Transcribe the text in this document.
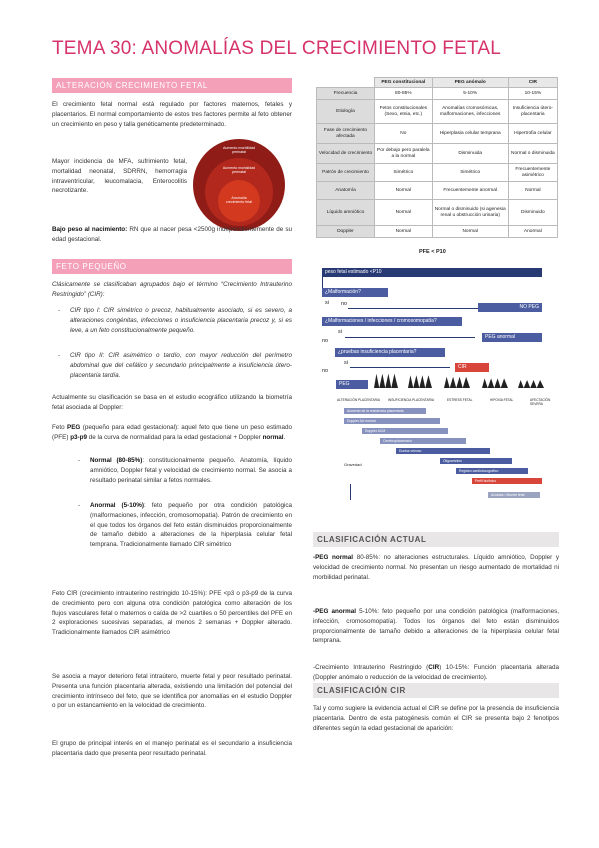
TEMA 30: ANOMALÍAS DEL CRECIMIENTO FETAL
ALTERACIÓN CRECIMIENTO FETAL
El crecimiento fetal normal está regulado por factores maternos, fetales y placentarios. El normal comportamiento de estos tres factores permite al feto obtener un crecimiento en peso y talla genéticamente predeterminado.
Mayor incidencia de MFA, sufrimiento fetal, mortalidad neonatal, SDRRN, hemorragia intraventricular, leucomalacia, Enterocolitis necrotizante.
Aumento morbilidad perinatal
Aumento mortalidad perinatal
Anomalía crecimiento fetal
Bajo peso al nacimiento: RN que al nacer pesa <2500g independientemente de su edad gestacional.
FETO PEQUEÑO
Clásicamente se clasificaban agrupados bajo el término “Crecimiento Intrauterino Restringido” (CIR):
- CIR tipo I: CIR simétrico o precoz, habitualmente asociado, si es severo, a alteraciones congénitas, infecciones o insuficiencia placentaria precoz y, si es leve, a un feto constitucionalmente pequeño.
- CIR tipo II: CIR asimétrico o tardío, con mayor reducción del perímetro abdominal que del cefálico y secundario principalmente a insuficiencia útero-placentaria tardía.
Actualmente su clasificación se basa en el estudio ecográfico utilizando la biometría fetal asociada al Doppler:
Feto PEG (pequeño para edad gestacional): aquel feto que tiene un peso estimado (PFE) p3-p9 de la curva de normalidad para la edad gestacional + Doppler normal.
- Normal (80-85%): constitucionalmente pequeño. Anatomía, líquido amniótico, Doppler fetal y velocidad de crecimiento normal. Se asocia a resultado perinatal similar a fetos normales.
- Anormal (5-10%): feto pequeño por otra condición patológica (malformaciones, infección, cromosomopatía). Patrón de crecimiento en el que todos los órganos del feto están disminuidos proporcionalmente de tamaño debido a alteraciones de la hiperplasia celular fetal temprana. Tradicionalmente llamado CIR simétrico
Feto CIR (crecimiento intrauterino restringido 10-15%): PFE <p3 o p3-p9 de la curva de crecimiento pero con alguna otra condición patológica como alteración de los flujos vasculares fetal o maternos o caída de >2 cuartiles o 50 percentiles del PFE en 2 exploraciones sucesivas separadas, al menos 2 semanas + Doppler alterado. Tradicionalmente llamados CIR asimétrico
Se asocia a mayor deterioro fetal intraútero, muerte fetal y peor resultado perinatal. Presenta una función placentaria alterada, existiendo una limitación del potencial del crecimiento intrínseco del feto, que se identifica por anomalías en el estudio Doppler o por un estancamiento en la velocidad de crecimiento.
El grupo de principal interés en el manejo perinatal es el secundario a insuficiencia placentaria dado que presenta peor resultado perinatal.
	PEG constitucional	PEG anómalo	CIR
Frecuencia	80-85%	5-10%	10-15%
Etiología	Fetos constitucionales (Sexo, etnia, etc.)	Anomalías cromosómicas, malformaciones, infecciones	Insuficiencia útero-placentaria
Fase de crecimiento afectada	No	Hiperplasia celular temprana	Hipertrofia celular
Velocidad de crecimiento	Por debajo pero paralela a la normal	Disminuida	Normal o disminuida
Patrón de crecimiento	Simétrico	Simétrico	Frecuentemente asimétrico
Anatomía	Normal	Frecuentemente anormal	Normal
Líquido amniótico	Normal	Normal o disminuido (si agenesia renal u obstrucción urinaria)	Disminuido
Doppler	Normal	Normal	Anormal
PFE < P10
peso fetal estimado <P10
¿Malformación?
si no	NO PEG
¿Malformaciones / infecciones / cromosomopatía?
si
no
PEG anormal
¿pruebas insuficiencia placentaria?
si
no
CIR
PEG
ALTERACIÓN PLACENTARIA	INSUFICIENCIA PLACENTARIA	ESTRESS FETAL	HIPOXIA FETAL	AFECTACIÓN SEVERA
Aumento de la resistencia placentaria
Doppler AU normal
Doppler ACM
Cerebroplacentario
Ductus venoso
Oligoamnios
Registro cardiotocográfico
Perfil biofísico
Acidosis / Muerte fetal
Gravedad
CLASIFICACIÓN ACTUAL
-PEG normal 80-85%: no alteraciones estructurales. Líquido amniótico, Doppler y velocidad de crecimiento normal. No presentan un riesgo aumentado de mortalidad ni morbilidad perinatal.
-PEG anormal 5-10%: feto pequeño por una condición patológica (malformaciones, infección, cromosomopatía). Todos los órganos del feto están disminuidos proporcionalmente de tamaño debido a alteraciones de la hiperplasia celular fetal temprana.
-Crecimiento Intrauterino Restringido (CIR) 10-15%: Función placentaria alterada (Doppler anómalo o reducción de la velocidad de crecimiento).
CLASIFICACIÓN CIR
Tal y como sugiere la evidencia actual el CIR se define por la presencia de insuficiencia placentaria. Dentro de esta patogénesis común el CIR se presenta bajo 2 fenotipos diferentes según la edad gestacional de aparición:
